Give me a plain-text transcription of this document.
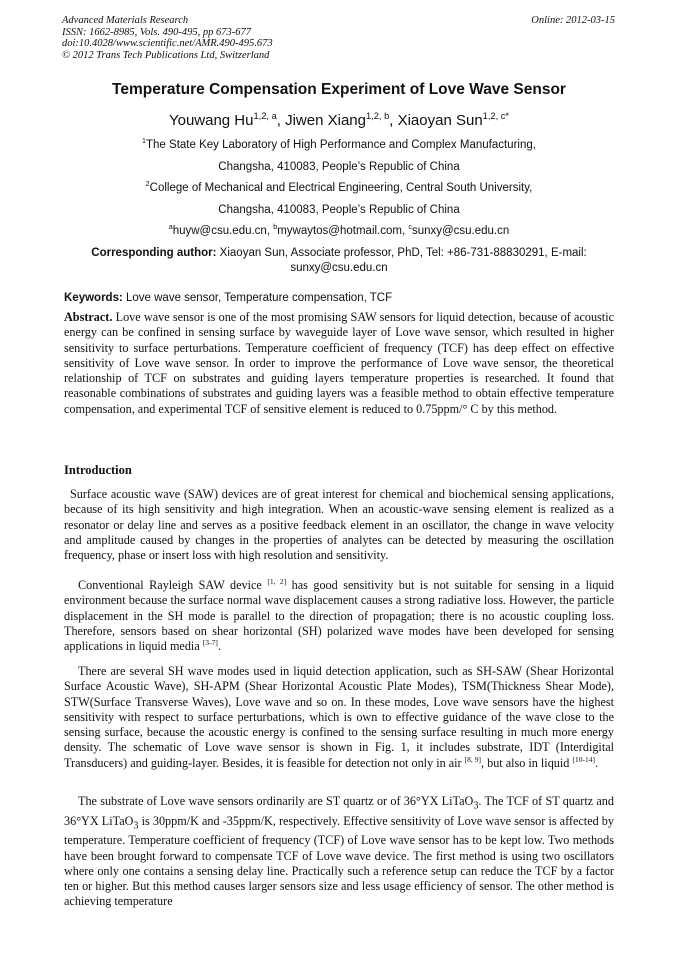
Advanced Materials Research
ISSN: 1662-8985, Vols. 490-495, pp 673-677
doi:10.4028/www.scientific.net/AMR.490-495.673
© 2012 Trans Tech Publications Ltd, Switzerland
Online: 2012-03-15
Temperature Compensation Experiment of Love Wave Sensor
Youwang Hu$^{1,2, a}$, Jiwen Xiang$^{1,2, b}$, Xiaoyan Sun$^{1,2, c*}$
$^1$The State Key Laboratory of High Performance and Complex Manufacturing,
Changsha, 410083, People’s Republic of China
$^2$College of Mechanical and Electrical Engineering, Central South University,
Changsha, 410083, People’s Republic of China
$^a$huyw@csu.edu.cn, $^b$mywaytos@hotmail.com, $^c$sunxy@csu.edu.cn
Corresponding author: Xiaoyan Sun, Associate professor, PhD, Tel: +86-731-88830291, E-mail: sunxy@csu.edu.cn
Keywords: Love wave sensor, Temperature compensation, TCF

Abstract. Love wave sensor is one of the most promising SAW sensors for liquid detection, because of acoustic energy can be confined in sensing surface by waveguide layer of Love wave sensor, which resulted in higher sensitivity to surface perturbations. Temperature coefficient of frequency (TCF) has deep effect on effective sensitivity of Love wave sensor. In order to improve the performance of Love wave sensor, the theoretical relationship of TCF on substrates and guiding layers temperature properties is researched. It found that reasonable combinations of substrates and guiding layers was a feasible method to obtain effective temperature compensation, and experimental TCF of sensitive element is reduced to 0.75ppm/° C by this method.

Introduction

Surface acoustic wave (SAW) devices are of great interest for chemical and biochemical sensing applications, because of its high sensitivity and high integration. When an acoustic-wave sensing element is realized as a resonator or delay line and serves as a positive feedback element in an oscillator, the change in wave velocity and amplitude caused by changes in the properties of analytes can be detected by measuring the oscillation frequency, phase or insert loss with high resolution and sensitivity.

Conventional Rayleigh SAW device [1, 2] has good sensitivity but is not suitable for sensing in a liquid environment because the surface normal wave displacement causes a strong radiative loss. However, the particle displacement in the SH mode is parallel to the direction of propagation; there is no acoustic coupling loss. Therefore, sensors based on shear horizontal (SH) polarized wave modes have been developed for sensing applications in liquid media [3-7].

There are several SH wave modes used in liquid detection application, such as SH-SAW (Shear Horizontal Surface Acoustic Wave), SH-APM (Shear Horizontal Acoustic Plate Modes), TSM(Thickness Shear Mode), STW(Surface Transverse Waves), Love wave and so on. In these modes, Love wave sensors have the highest sensitivity with respect to surface perturbations, which is own to effective guidance of the wave close to the sensing surface, because the acoustic energy is confined to the sensing surface resulting in much more energy density. The schematic of Love wave sensor is shown in Fig. 1, it includes substrate, IDT (Interdigital Transducers) and guiding-layer. Besides, it is feasible for detection not only in air [8, 9], but also in liquid [10-14].

The substrate of Love wave sensors ordinarily are ST quartz or of 36°YX LiTaO$_3$. The TCF of ST quartz and 36°YX LiTaO$_3$ is 30ppm/K and -35ppm/K, respectively. Effective sensitivity of Love wave sensor is affected by temperature. Temperature coefficient of frequency (TCF) of Love wave sensor has to be kept low. Two methods have been brought forward to compensate TCF of Love wave device. The first method is using two oscillators where only one contains a sensing delay line. Practically such a reference setup can reduce the TCF by a factor ten or higher. But this method causes larger sensors size and less usage efficiency of sensor. The other method is achieving temperature
